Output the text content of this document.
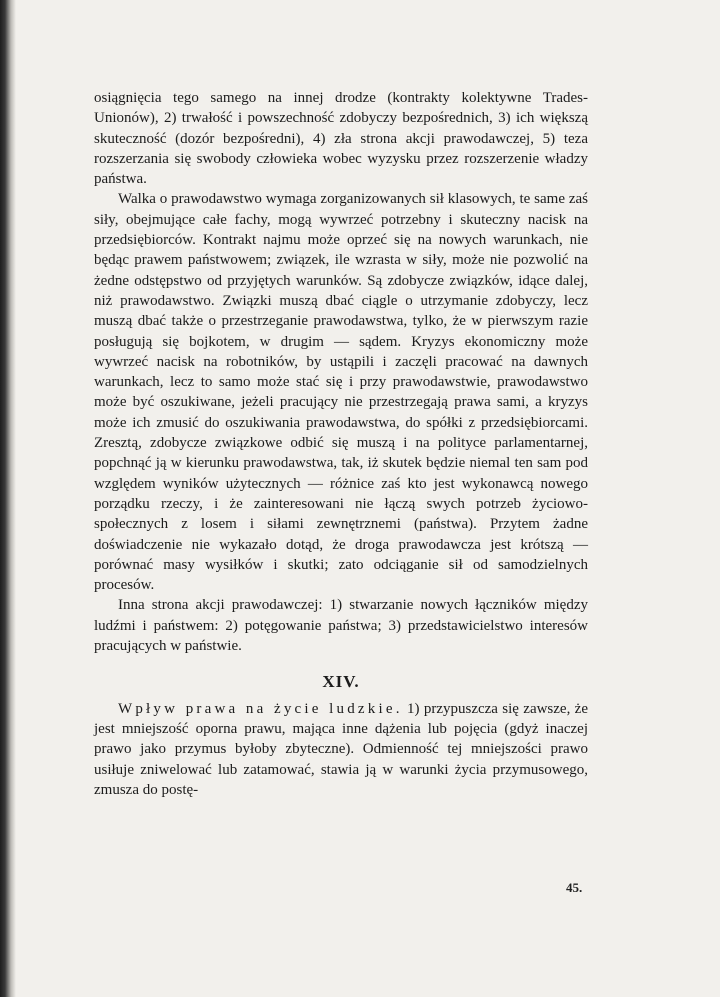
osiągnięcia tego samego na innej drodze (kontrakty kolektywne Trades-Unionów), 2) trwałość i powszechność zdobyczy bezpośrednich, 3) ich większą skuteczność (dozór bezpośredni), 4) zła strona akcji prawodawczej, 5) teza rozszerzania się swobody człowieka wobec wyzysku przez rozszerzenie władzy państwa.

Walka o prawodawstwo wymaga zorganizowanych sił klasowych, te same zaś siły, obejmujące całe fachy, mogą wywrzeć potrzebny i skuteczny nacisk na przedsiębiorców. Kontrakt najmu może oprzeć się na nowych warunkach, nie będąc prawem państwowem; związek, ile wzrasta w siły, może nie pozwolić na żedne odstępstwo od przyjętych warunków. Są zdobycze związków, idące dalej, niż prawodawstwo. Związki muszą dbać ciągle o utrzymanie zdobyczy, lecz muszą dbać także o przestrzeganie prawodawstwa, tylko, że w pierwszym razie posługują się bojkotem, w drugim — sądem. Kryzys ekonomiczny może wywrzeć nacisk na robotników, by ustąpili i zaczęli pracować na dawnych warunkach, lecz to samo może stać się i przy prawodawstwie, prawodawstwo może być oszukiwane, jeżeli pracujący nie przestrzegają prawa sami, a kryzys może ich zmusić do oszukiwania prawodawstwa, do spółki z przedsiębiorcami. Zresztą, zdobycze związkowe odbić się muszą i na polityce parlamentarnej, popchnąć ją w kierunku prawodawstwa, tak, iż skutek będzie niemal ten sam pod względem wyników użytecznych — różnice zaś kto jest wykonawcą nowego porządku rzeczy, i że zainteresowani nie łączą swych potrzeb życiowo-społecznych z losem i siłami zewnętrznemi (państwa). Przytem żadne doświadczenie nie wykazało dotąd, że droga prawodawcza jest krótszą — porównać masy wysiłków i skutki; zato odciąganie sił od samodzielnych procesów.

Inna strona akcji prawodawczej: 1) stwarzanie nowych łączników między ludźmi i państwem: 2) potęgowanie państwa; 3) przedstawicielstwo interesów pracujących w państwie.

XIV.

Wpływ prawa na życie ludzkie. 1) przypuszcza się zawsze, że jest mniejszość oporna prawu, mająca inne dążenia lub pojęcia (gdyż inaczej prawo jako przymus byłoby zbyteczne). Odmienność tej mniejszości prawo usiłuje zniwelować lub zatamować, stawia ją w warunki życia przymusowego, zmusza do postę-

45.
